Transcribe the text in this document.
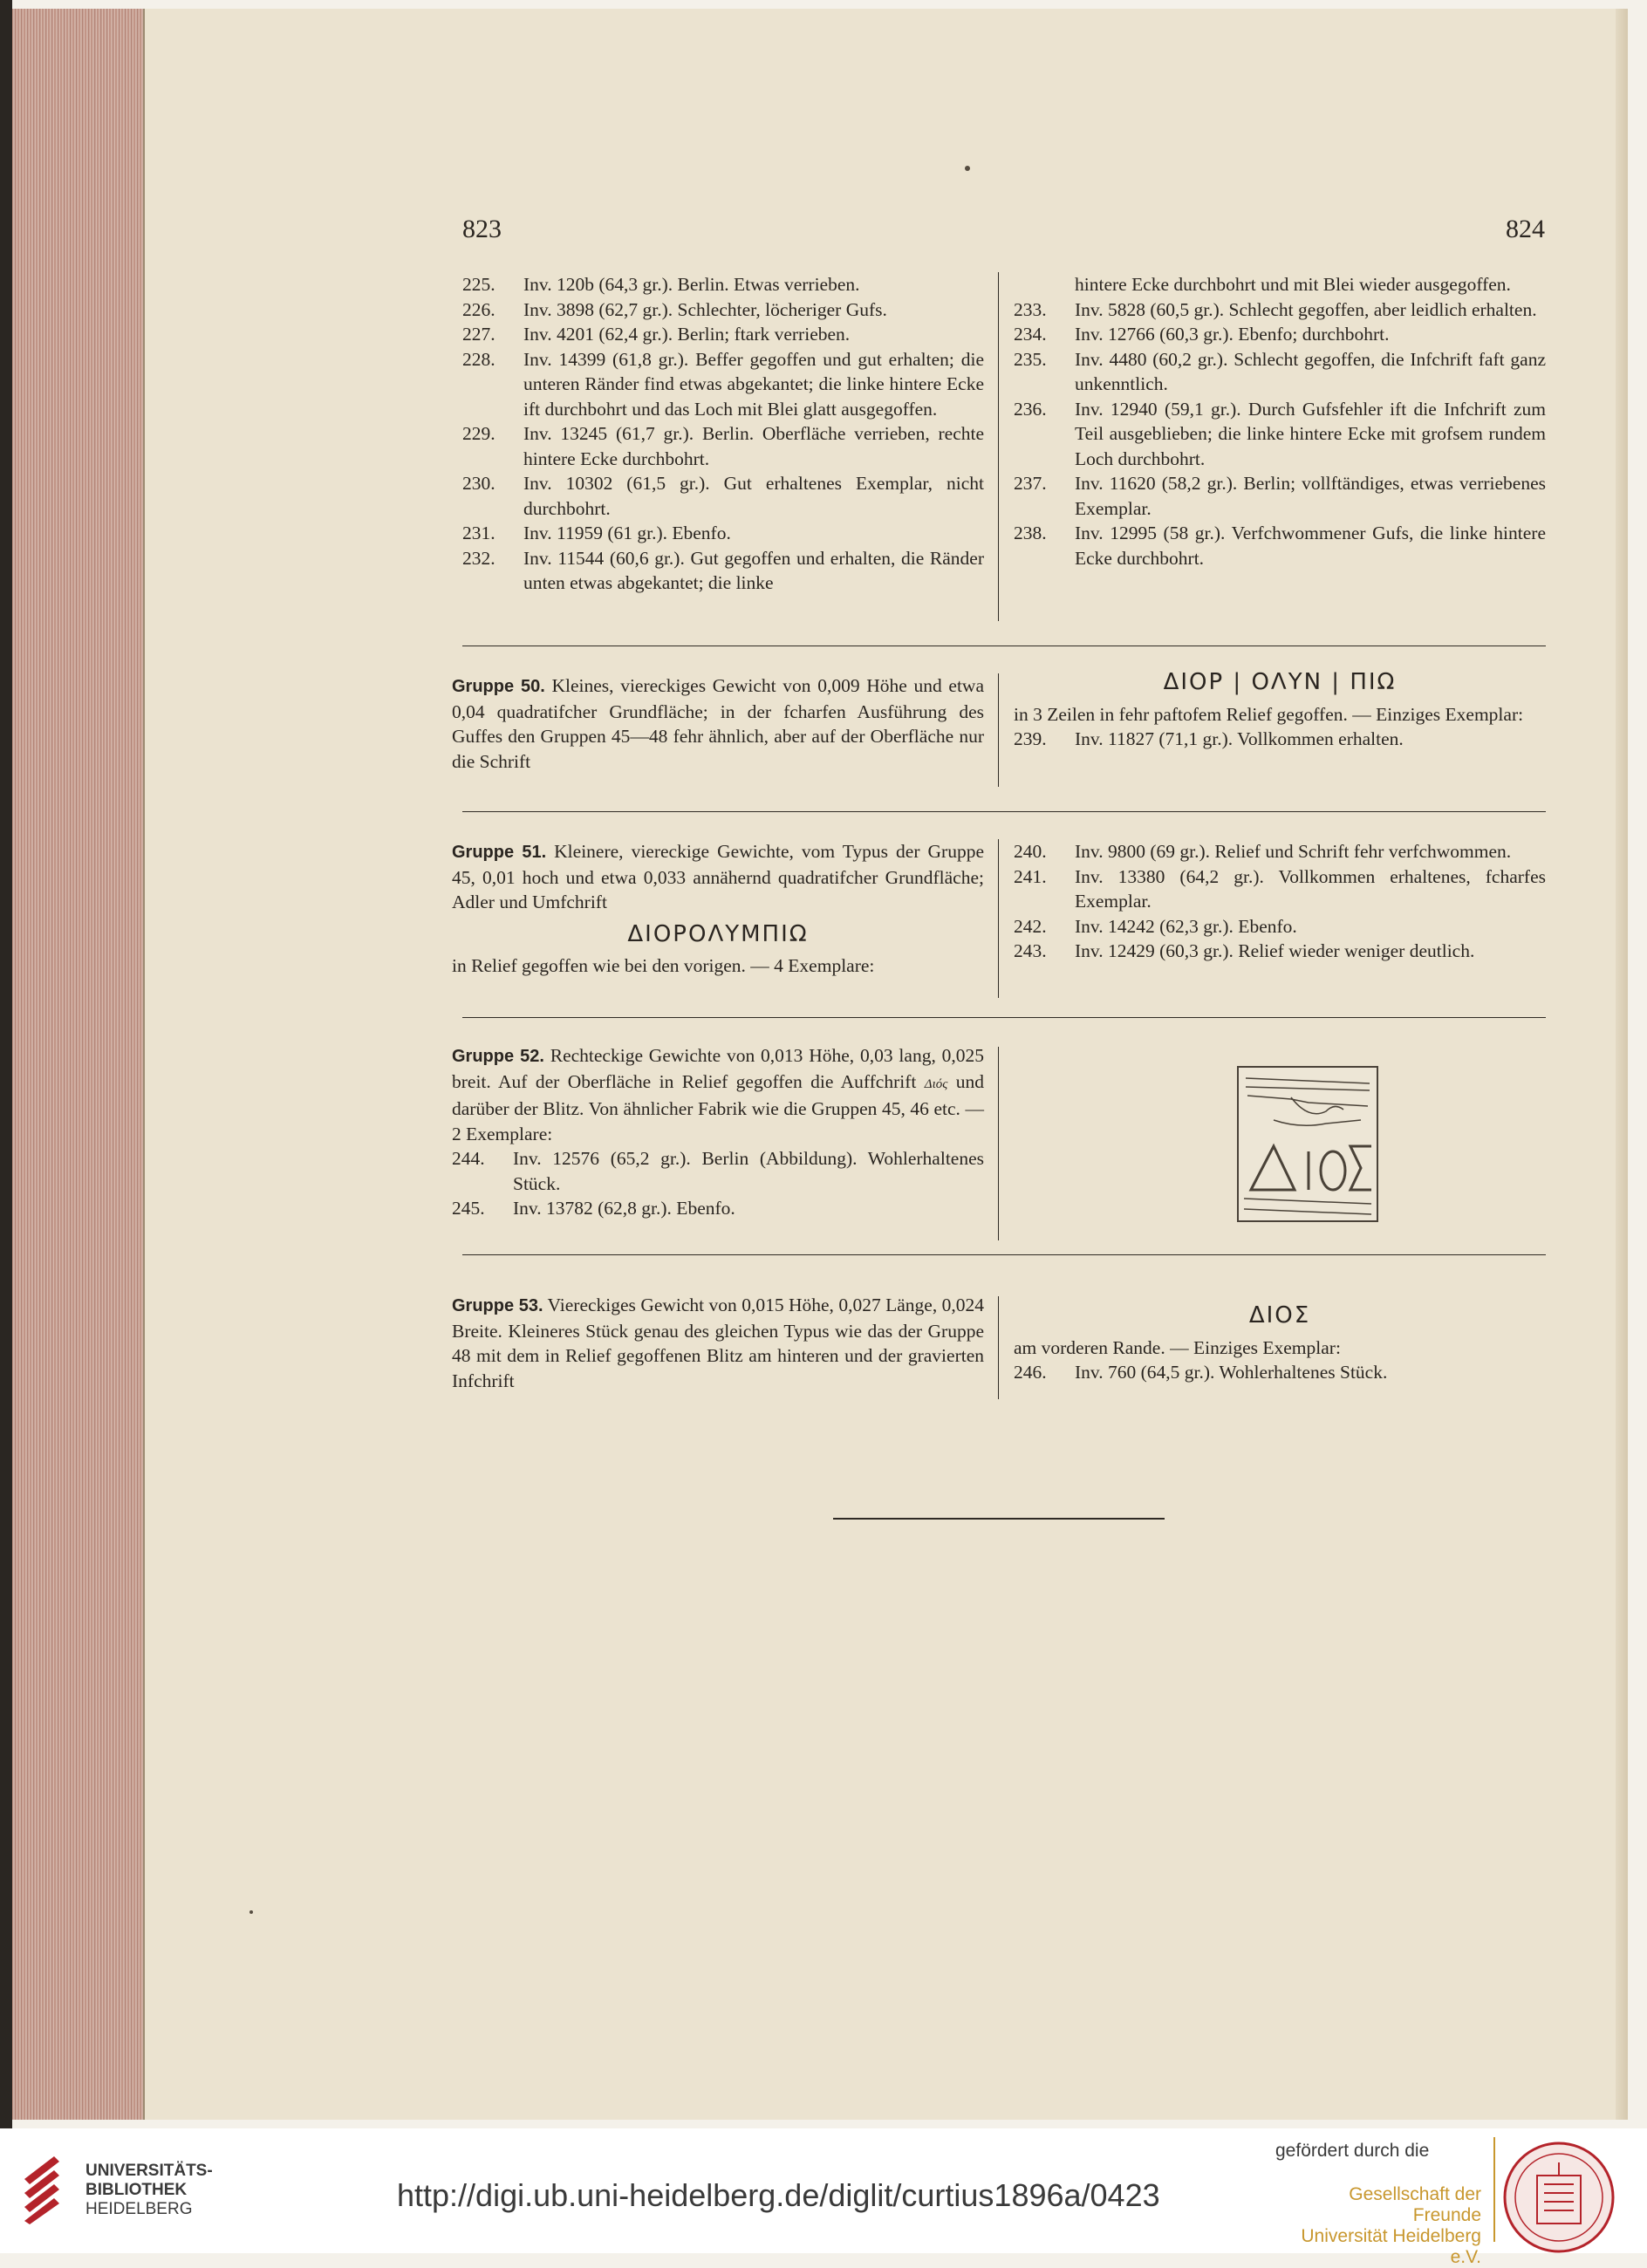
823	824
225. Inv. 120b (64,3 gr.). Berlin. Etwas verrieben.
226. Inv. 3898 (62,7 gr.). Schlechter, löcheriger Gufs.
227. Inv. 4201 (62,4 gr.). Berlin; ftark verrieben.
228. Inv. 14399 (61,8 gr.). Beffer gegoffen und gut erhalten; die unteren Ränder find etwas abgekantet; die linke hintere Ecke ift durchbohrt und das Loch mit Blei glatt ausgegoffen.
229. Inv. 13245 (61,7 gr.). Berlin. Oberfläche verrieben, rechte hintere Ecke durchbohrt.
230. Inv. 10302 (61,5 gr.). Gut erhaltenes Exemplar, nicht durchbohrt.
231. Inv. 11959 (61 gr.). Ebenfo.
232. Inv. 11544 (60,6 gr.). Gut gegoffen und erhalten, die Ränder unten etwas abgekantet; die linke
hintere Ecke durchbohrt und mit Blei wieder ausgegoffen.
233. Inv. 5828 (60,5 gr.). Schlecht gegoffen, aber leidlich erhalten.
234. Inv. 12766 (60,3 gr.). Ebenfo; durchbohrt.
235. Inv. 4480 (60,2 gr.). Schlecht gegoffen, die Infchrift faft ganz unkenntlich.
236. Inv. 12940 (59,1 gr.). Durch Gufsfehler ift die Infchrift zum Teil ausgeblieben; die linke hintere Ecke mit grofsem rundem Loch durchbohrt.
237. Inv. 11620 (58,2 gr.). Berlin; vollftändiges, etwas verriebenes Exemplar.
238. Inv. 12995 (58 gr.). Verfchwommener Gufs, die linke hintere Ecke durchbohrt.
Gruppe 50. Kleines, viereckiges Gewicht von 0,009 Höhe und etwa 0,04 quadratifcher Grundfläche; in der fcharfen Ausführung des Guffes den Gruppen 45—48 fehr ähnlich, aber auf der Oberfläche nur die Schrift
ΔΙΟΡ | ΟΛΥΝ | ΠΙΩ
in 3 Zeilen in fehr paftofem Relief gegoffen. — Einziges Exemplar:
239. Inv. 11827 (71,1 gr.). Vollkommen erhalten.
Gruppe 51. Kleinere, viereckige Gewichte, vom Typus der Gruppe 45, 0,01 hoch und etwa 0,033 annähernd quadratifcher Grundfläche; Adler und Umfchrift
ΔΙΟΡΟΛΥΜΠΙΩ
in Relief gegoffen wie bei den vorigen. — 4 Exemplare:
240. Inv. 9800 (69 gr.). Relief und Schrift fehr verfchwommen.
241. Inv. 13380 (64,2 gr.). Vollkommen erhaltenes, fcharfes Exemplar.
242. Inv. 14242 (62,3 gr.). Ebenfo.
243. Inv. 12429 (60,3 gr.). Relief wieder weniger deutlich.
Gruppe 52. Rechteckige Gewichte von 0,013 Höhe, 0,03 lang, 0,025 breit. Auf der Oberfläche in Relief gegoffen die Auffchrift Διός und darüber der Blitz. Von ähnlicher Fabrik wie die Gruppen 45, 46 etc. — 2 Exemplare:
244. Inv. 12576 (65,2 gr.). Berlin (Abbildung). Wohlerhaltenes Stück.
245. Inv. 13782 (62,8 gr.). Ebenfo.
ΔΙΟΣ
Gruppe 53. Viereckiges Gewicht von 0,015 Höhe, 0,027 Länge, 0,024 Breite. Kleineres Stück genau des gleichen Typus wie das der Gruppe 48 mit dem in Relief gegoffenen Blitz am hinteren und der gravierten Infchrift
ΔΙΟΣ
am vorderen Rande. — Einziges Exemplar:
246. Inv. 760 (64,5 gr.). Wohlerhaltenes Stück.
UNIVERSITÄTS-
BIBLIOTHEK
HEIDELBERG	http://digi.ub.uni-heidelberg.de/diglit/curtius1896a/0423
gefördert durch die
Gesellschaft der Freunde
Universität Heidelberg e.V.
